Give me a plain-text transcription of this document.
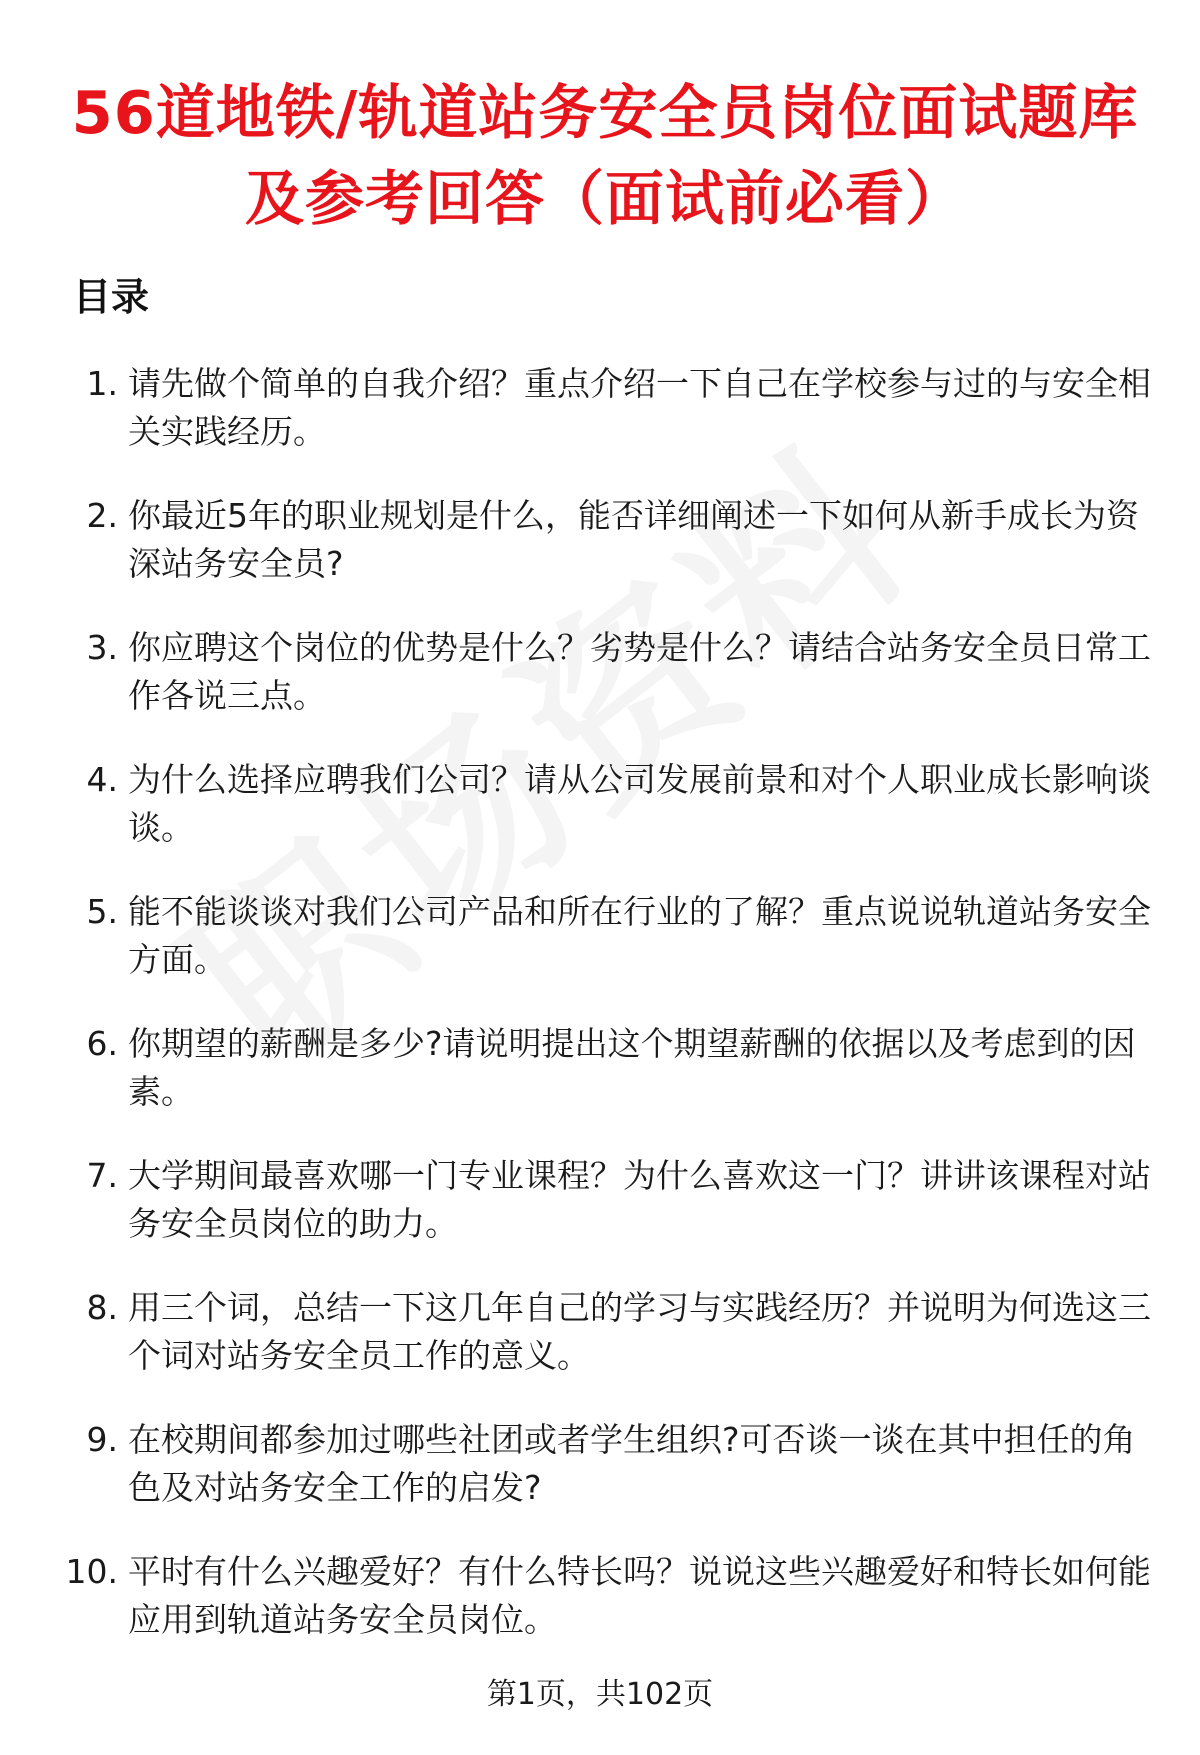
56道地铁/轨道站务安全员岗位面试题库及参考回答（面试前必看）
目录
1. 请先做个简单的自我介绍？重点介绍一下自己在学校参与过的与安全相关实践经历。
2. 你最近5年的职业规划是什么，能否详细阐述一下如何从新手成长为资深站务安全员?
3. 你应聘这个岗位的优势是什么？劣势是什么？请结合站务安全员日常工作各说三点。
4. 为什么选择应聘我们公司？请从公司发展前景和对个人职业成长影响谈谈。
5. 能不能谈谈对我们公司产品和所在行业的了解？重点说说轨道站务安全方面。
6. 你期望的薪酬是多少?请说明提出这个期望薪酬的依据以及考虑到的因素。
7. 大学期间最喜欢哪一门专业课程？为什么喜欢这一门？讲讲该课程对站务安全员岗位的助力。
8. 用三个词，总结一下这几年自己的学习与实践经历？并说明为何选这三个词对站务安全员工作的意义。
9. 在校期间都参加过哪些社团或者学生组织?可否谈一谈在其中担任的角色及对站务安全工作的启发?
10. 平时有什么兴趣爱好？有什么特长吗？说说这些兴趣爱好和特长如何能应用到轨道站务安全员岗位。
第1页，共102页
